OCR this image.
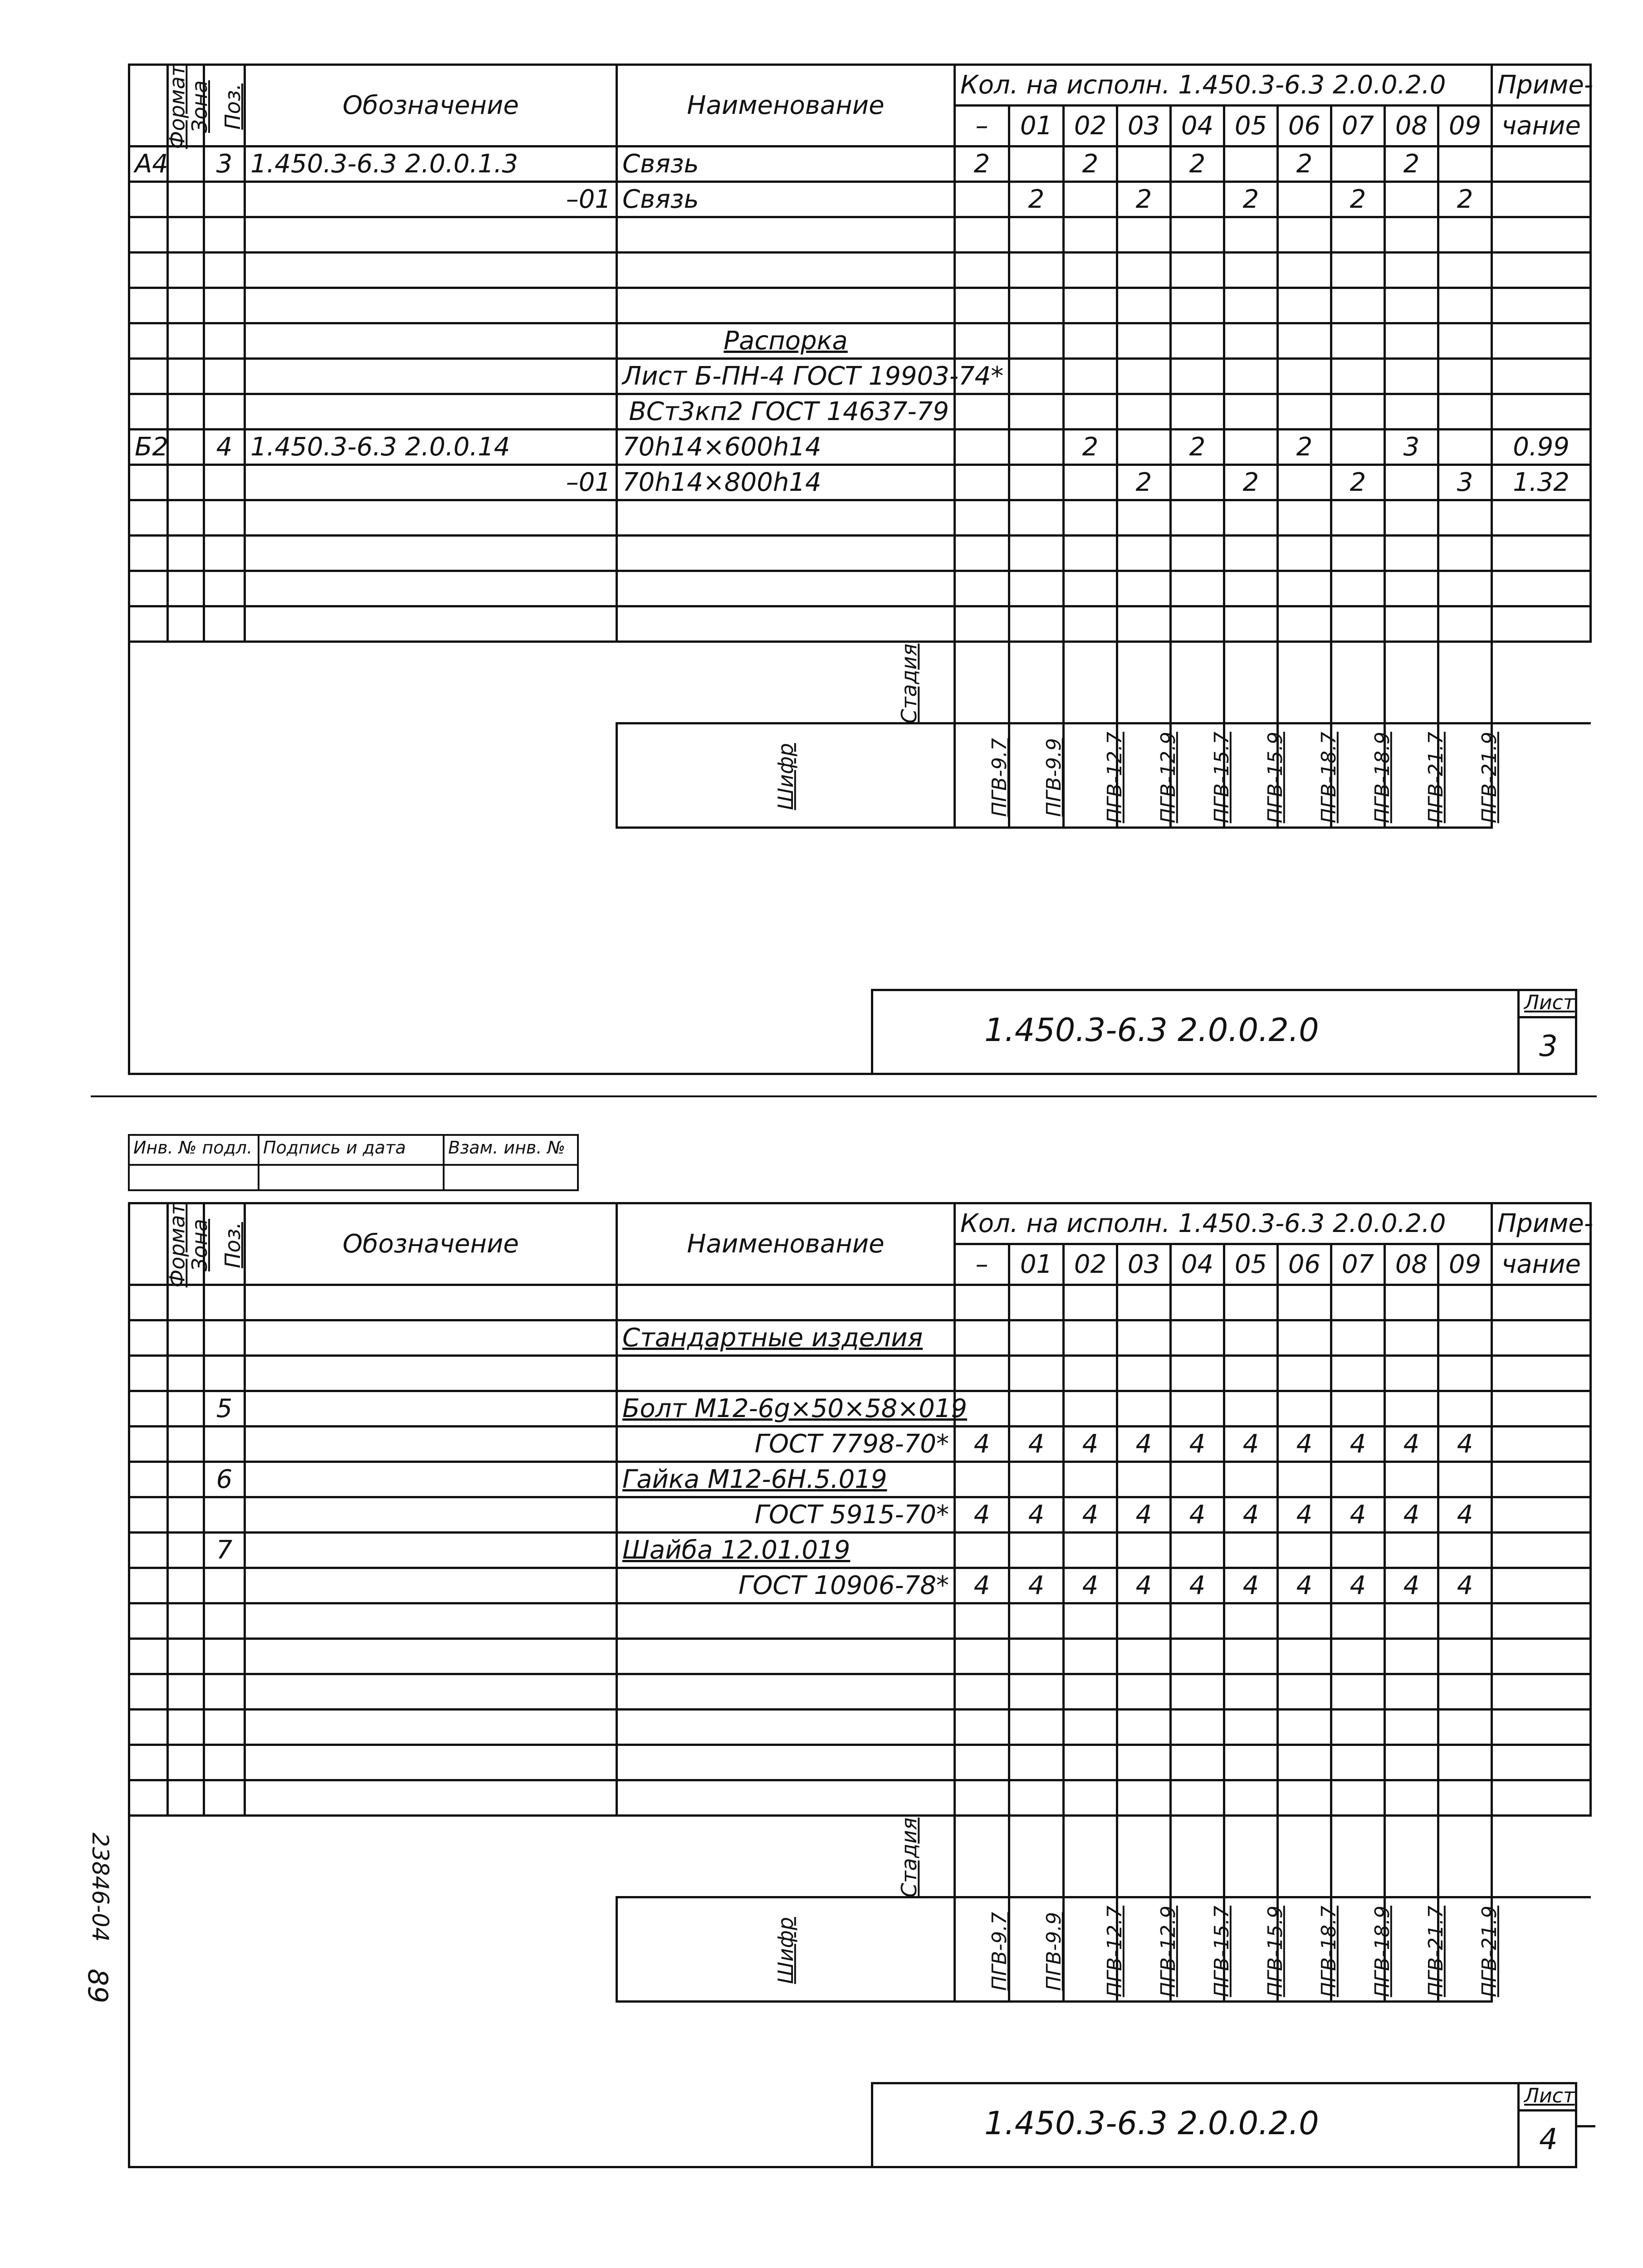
Формат	Зона	Поз.	Обозначение	Наименование	Кол. на исполн. 1.450.3-6.3 2.0.0.2.0										Приме-
					–	01	02	03	04	05	06	07	08	09	чание
А4		3	1.450.3-6.3 2.0.0.1.3	Связь	2		2		2		2		2		
			–01	Связь		2		2		2		2		2	

				Распорка											
				Лист Б-ПН-4 ГОСТ 19903-74*											
				ВСт3кп2 ГОСТ 14637-79											
Б2		4	1.450.3-6.3 2.0.0.14	70h14×600h14			2		2		2		3		0.99
			–01	70h14×800h14				2		2		2		3	1.32

				Стадия											
				Шифр	ПГВ-9.7	ПГВ-9.9	ПГВ-12.7	ПГВ-12.9	ПГВ-15.7	ПГВ-15.9	ПГВ-18.7	ПГВ-18.9	ПГВ-21.7	ПГВ-21.9	
1.450.3-6.3 2.0.0.2.0
Лист
3
Инв. № подл. Подпись и дата	Взам. инв. №
Формат	Зона	Поз.	Обозначение	Наименование	Кол. на исполн. 1.450.3-6.3 2.0.0.2.0										Приме-
					–	01	02	03	04	05	06	07	08	09	чание

				Стандартные изделия											

		5		Болт М12-6g×50×58×019											
				ГОСТ 7798-70*	4	4	4	4	4	4	4	4	4	4	
		6		Гайка М12-6Н.5.019											
				ГОСТ 5915-70*	4	4	4	4	4	4	4	4	4	4	
		7		Шайба 12.01.019											
				ГОСТ 10906-78*	4	4	4	4	4	4	4	4	4	4	

				Стадия											
				Шифр	ПГВ-9.7	ПГВ-9.9	ПГВ-12.7	ПГВ-12.9	ПГВ-15.7	ПГВ-15.9	ПГВ-18.7	ПГВ-18.9	ПГВ-21.7	ПГВ-21.9	
1.450.3-6.3 2.0.0.2.0
Лист
4
23846-04
89
